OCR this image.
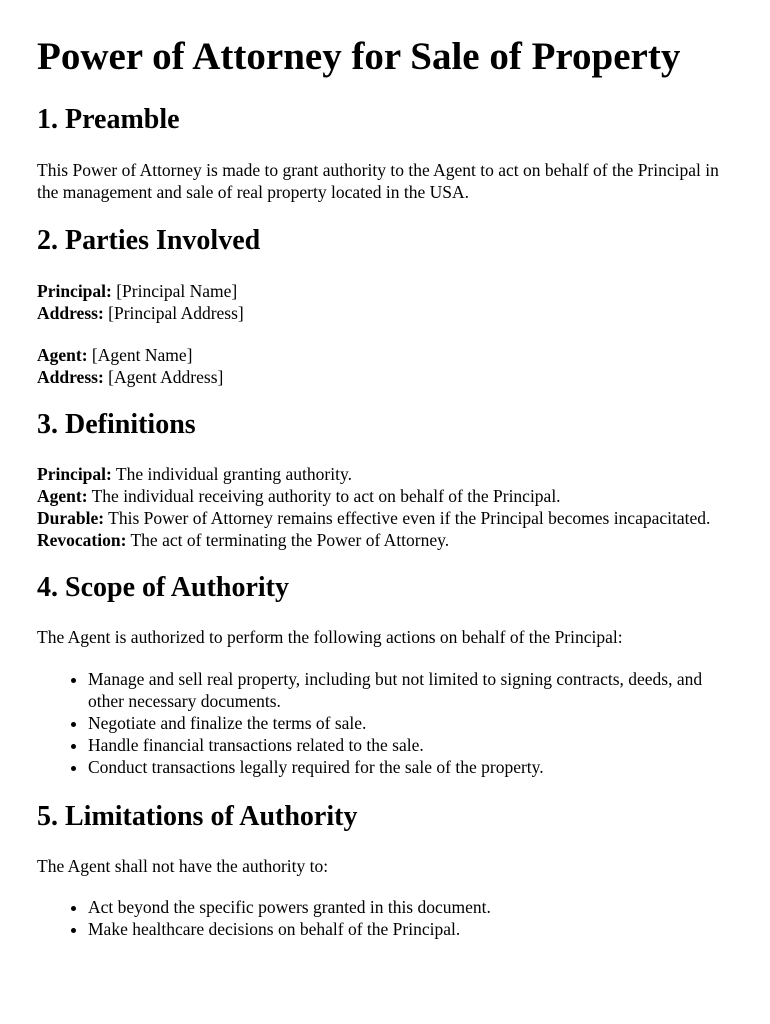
Power of Attorney for Sale of Property
1. Preamble

This Power of Attorney is made to grant authority to the Agent to act on behalf of the Principal in the management and sale of real property located in the USA.

2. Parties Involved
Principal: [Principal Name]
Address: [Principal Address]
Agent: [Agent Name]
Address: [Agent Address]
3. Definitions
Principal: The individual granting authority.
Agent: The individual receiving authority to act on behalf of the Principal.
Durable: This Power of Attorney remains effective even if the Principal becomes incapacitated.
Revocation: The act of terminating the Power of Attorney.
4. Scope of Authority

The Agent is authorized to perform the following actions on behalf of the Principal:

• Manage and sell real property, including but not limited to signing contracts, deeds, and other necessary documents.
• Negotiate and finalize the terms of sale.
• Handle financial transactions related to the sale.
• Conduct transactions legally required for the sale of the property.
5. Limitations of Authority

The Agent shall not have the authority to:

• Act beyond the specific powers granted in this document.
• Make healthcare decisions on behalf of the Principal.
